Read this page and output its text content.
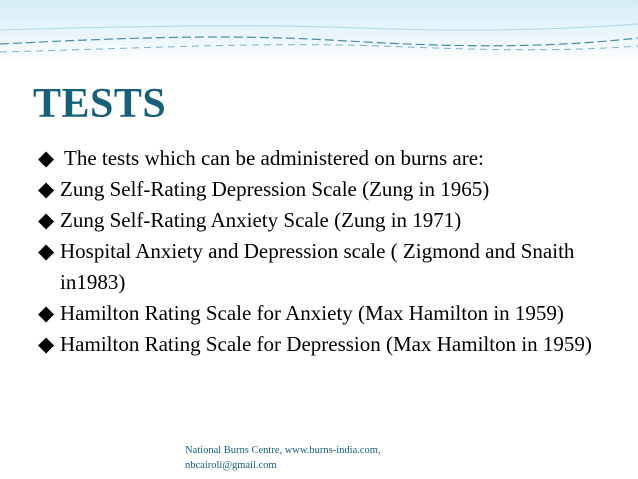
TESTS
◆ The tests which can be administered on burns are:
◆ Zung Self-Rating Depression Scale (Zung in 1965)
◆ Zung Self-Rating Anxiety Scale (Zung in 1971)
◆ Hospital Anxiety and Depression scale ( Zigmond and Snaith in1983)
◆ Hamilton Rating Scale for Anxiety (Max Hamilton in 1959)
◆ Hamilton Rating Scale for Depression (Max Hamilton in 1959)
National Burns Centre, www.burns-india.com,
nbcairoli@gmail.com
